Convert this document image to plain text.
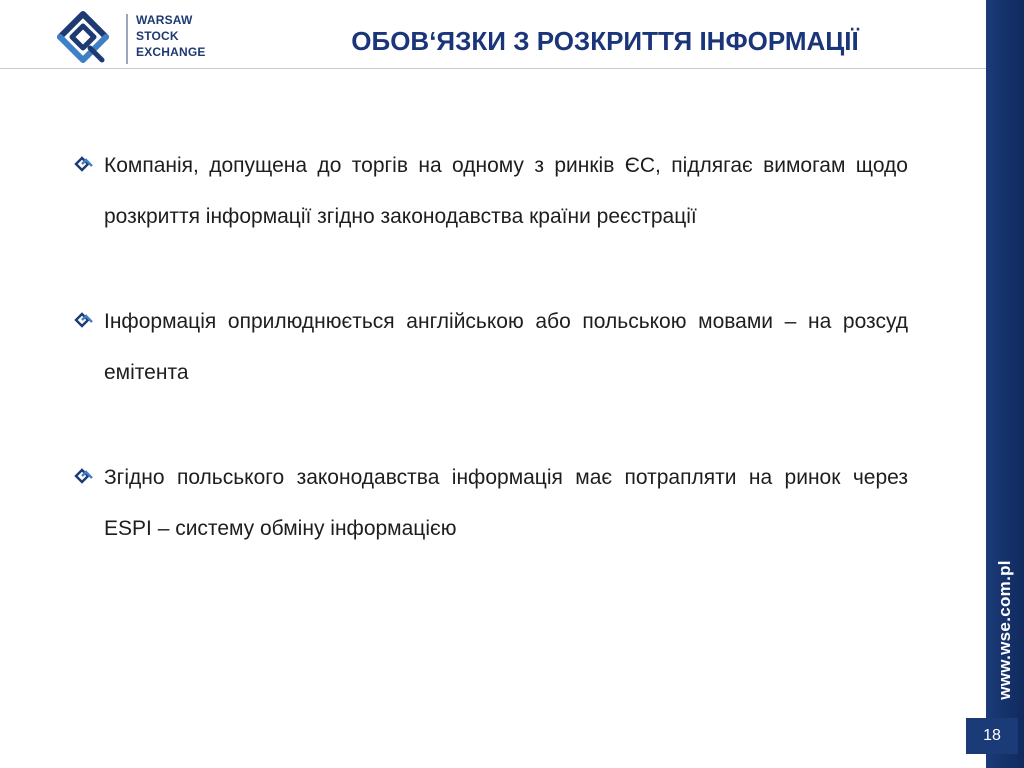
WARSAW
STOCK
EXCHANGE	ОБОВ‘ЯЗКИ З РОЗКРИТТЯ ІНФОРМАЦІЇ
Компанія, допущена до торгів на одному з ринків ЄС, підлягає вимогам щодо розкриття інформації згідно законодавства країни реєстрації
Інформація оприлюднюється англійською або польською мовами – на розсуд емітента
Згідно польського законодавства інформація має потрапляти на ринок через ESPI – систему обміну інформацією
www.wse.com.pl
18
